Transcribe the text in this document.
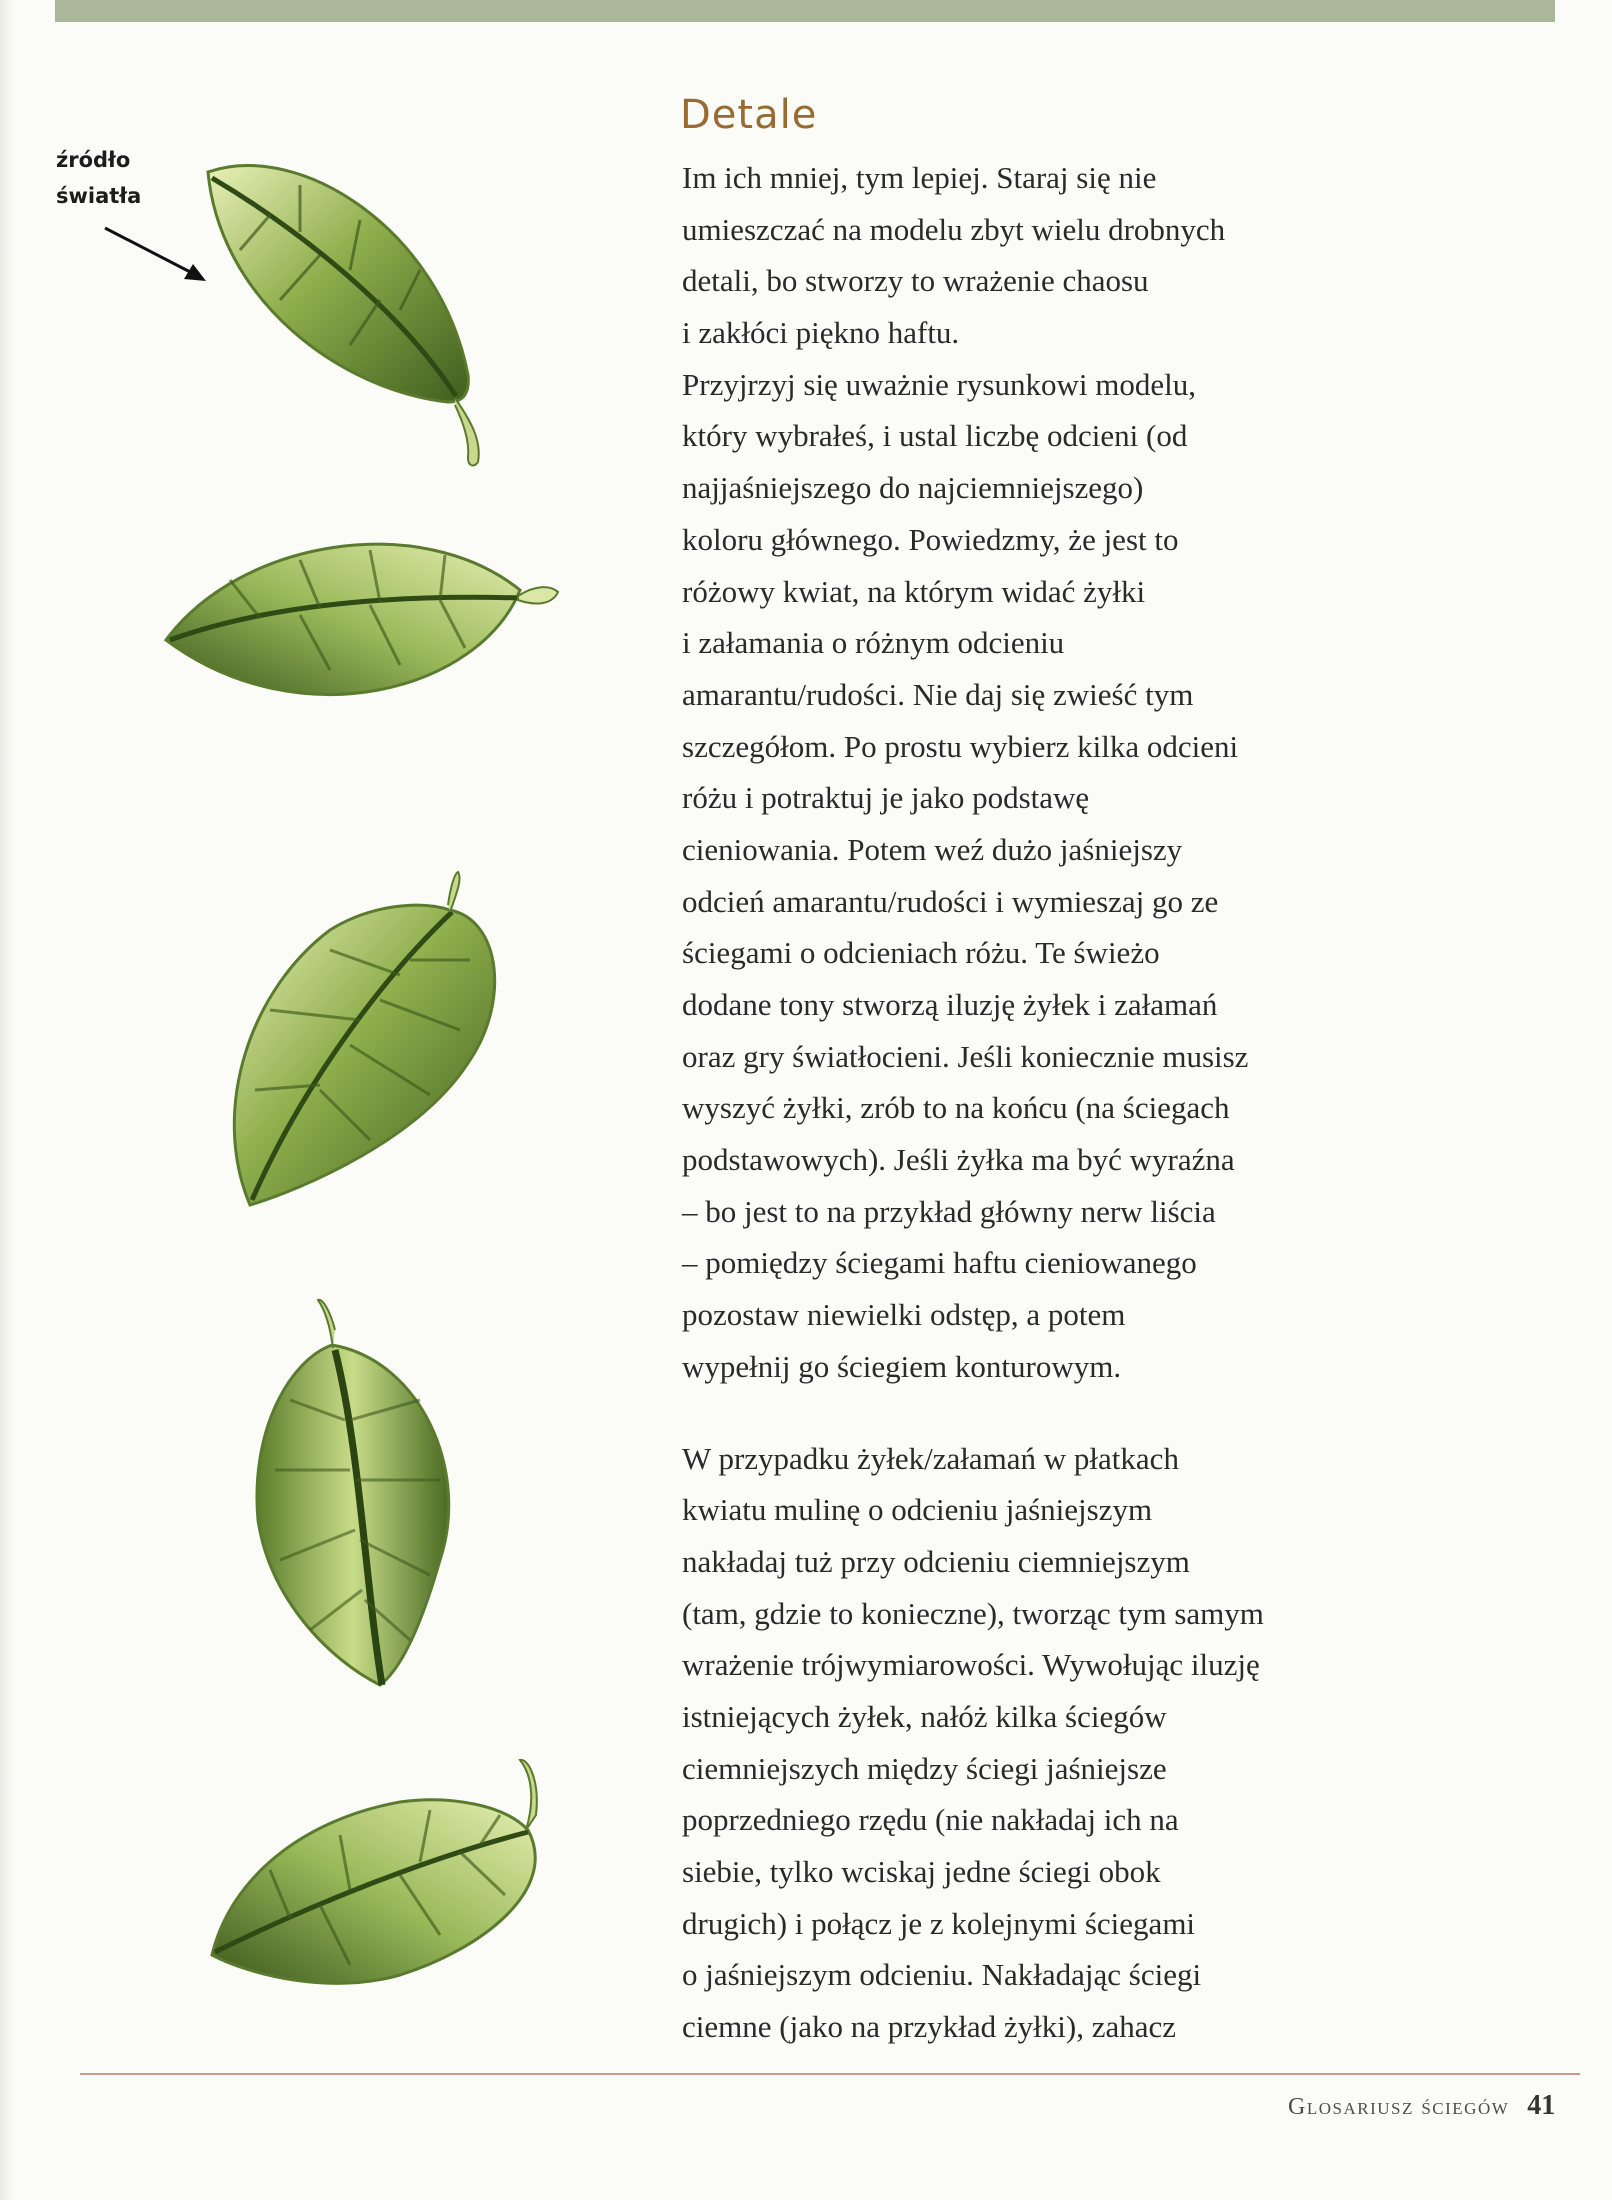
źródło
światła
Detale
Im ich mniej, tym lepiej. Staraj się nie
umieszczać na modelu zbyt wielu drobnych
detali, bo stworzy to wrażenie chaosu
i zakłóci piękno haftu.
Przyjrzyj się uważnie rysunkowi modelu,
który wybrałeś, i ustal liczbę odcieni (od
najjaśniejszego do najciemniejszego)
koloru głównego. Powiedzmy, że jest to
różowy kwiat, na którym widać żyłki
i załamania o różnym odcieniu
amarantu/rudości. Nie daj się zwieść tym
szczegółom. Po prostu wybierz kilka odcieni
różu i potraktuj je jako podstawę
cieniowania. Potem weź dużo jaśniejszy
odcień amarantu/rudości i wymieszaj go ze
ściegami o odcieniach różu. Te świeżo
dodane tony stworzą iluzję żyłek i załamań
oraz gry światłocieni. Jeśli koniecznie musisz
wyszyć żyłki, zrób to na końcu (na ściegach
podstawowych). Jeśli żyłka ma być wyraźna
– bo jest to na przykład główny nerw liścia
– pomiędzy ściegami haftu cieniowanego
pozostaw niewielki odstęp, a potem
wypełnij go ściegiem konturowym.
W przypadku żyłek/załamań w płatkach
kwiatu mulinę o odcieniu jaśniejszym
nakładaj tuż przy odcieniu ciemniejszym
(tam, gdzie to konieczne), tworząc tym samym
wrażenie trójwymiarowości. Wywołując iluzję
istniejących żyłek, nałóż kilka ściegów
ciemniejszych między ściegi jaśniejsze
poprzedniego rzędu (nie nakładaj ich na
siebie, tylko wciskaj jedne ściegi obok
drugich) i połącz je z kolejnymi ściegami
o jaśniejszym odcieniu. Nakładając ściegi
ciemne (jako na przykład żyłki), zahacz
Glosariusz ściegów 41
